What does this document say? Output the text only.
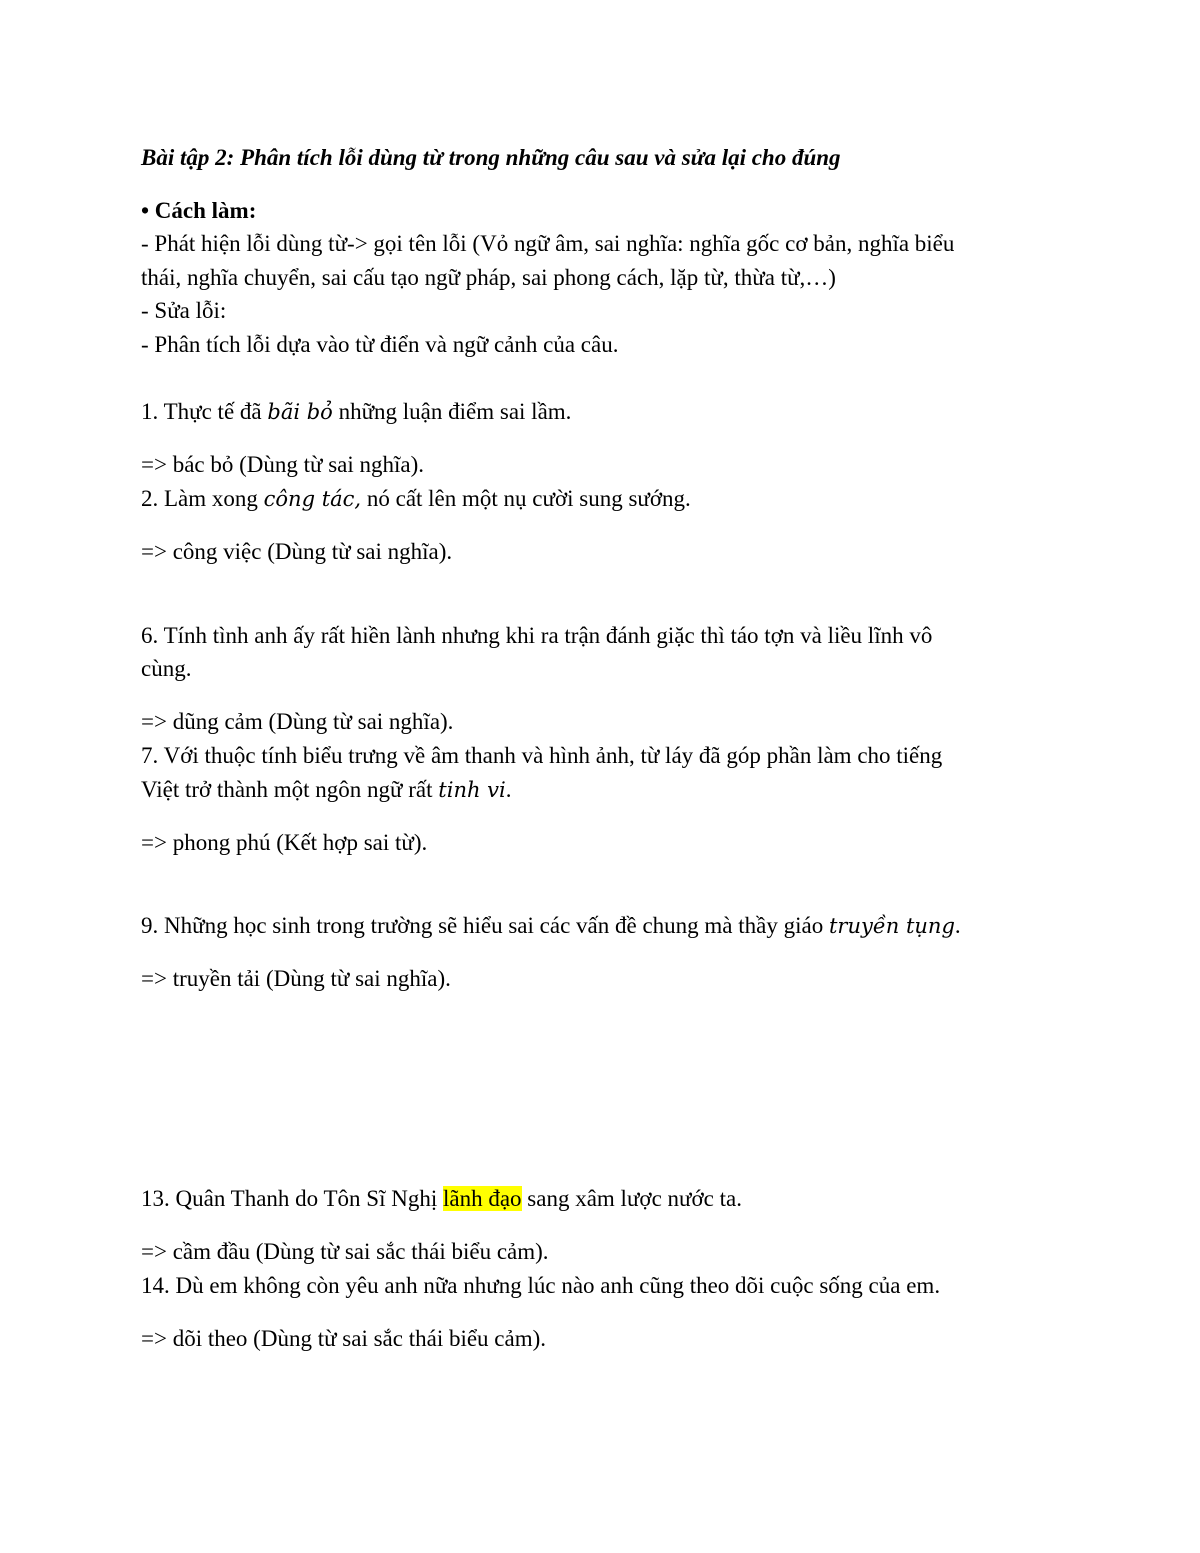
Bài tập 2: Phân tích lỗi dùng từ trong những câu sau và sửa lại cho đúng
• Cách làm:
- Phát hiện lỗi dùng từ-> gọi tên lỗi (Vỏ ngữ âm, sai nghĩa: nghĩa gốc cơ bản, nghĩa biểu
thái, nghĩa chuyển, sai cấu tạo ngữ pháp, sai phong cách, lặp từ, thừa từ,…)
- Sửa lỗi:
- Phân tích lỗi dựa vào từ điển và ngữ cảnh của câu.
1. Thực tế đã bãi bỏ những luận điểm sai lầm.
=> bác bỏ (Dùng từ sai nghĩa).
2. Làm xong công tác, nó cất lên một nụ cười sung sướng.
=> công việc (Dùng từ sai nghĩa).
6. Tính tình anh ấy rất hiền lành nhưng khi ra trận đánh giặc thì táo tợn và liều lĩnh vô
cùng.
=> dũng cảm (Dùng từ sai nghĩa).
7. Với thuộc tính biểu trưng về âm thanh và hình ảnh, từ láy đã góp phần làm cho tiếng
Việt trở thành một ngôn ngữ rất tinh vi.
=> phong phú (Kết hợp sai từ).
9. Những học sinh trong trường sẽ hiểu sai các vấn đề chung mà thầy giáo truyền tụng.
=> truyền tải (Dùng từ sai nghĩa).
13. Quân Thanh do Tôn Sĩ Nghị lãnh đạo sang xâm lược nước ta.
=> cầm đầu (Dùng từ sai sắc thái biểu cảm).
14. Dù em không còn yêu anh nữa nhưng lúc nào anh cũng theo dõi cuộc sống của em.
=> dõi theo (Dùng từ sai sắc thái biểu cảm).
